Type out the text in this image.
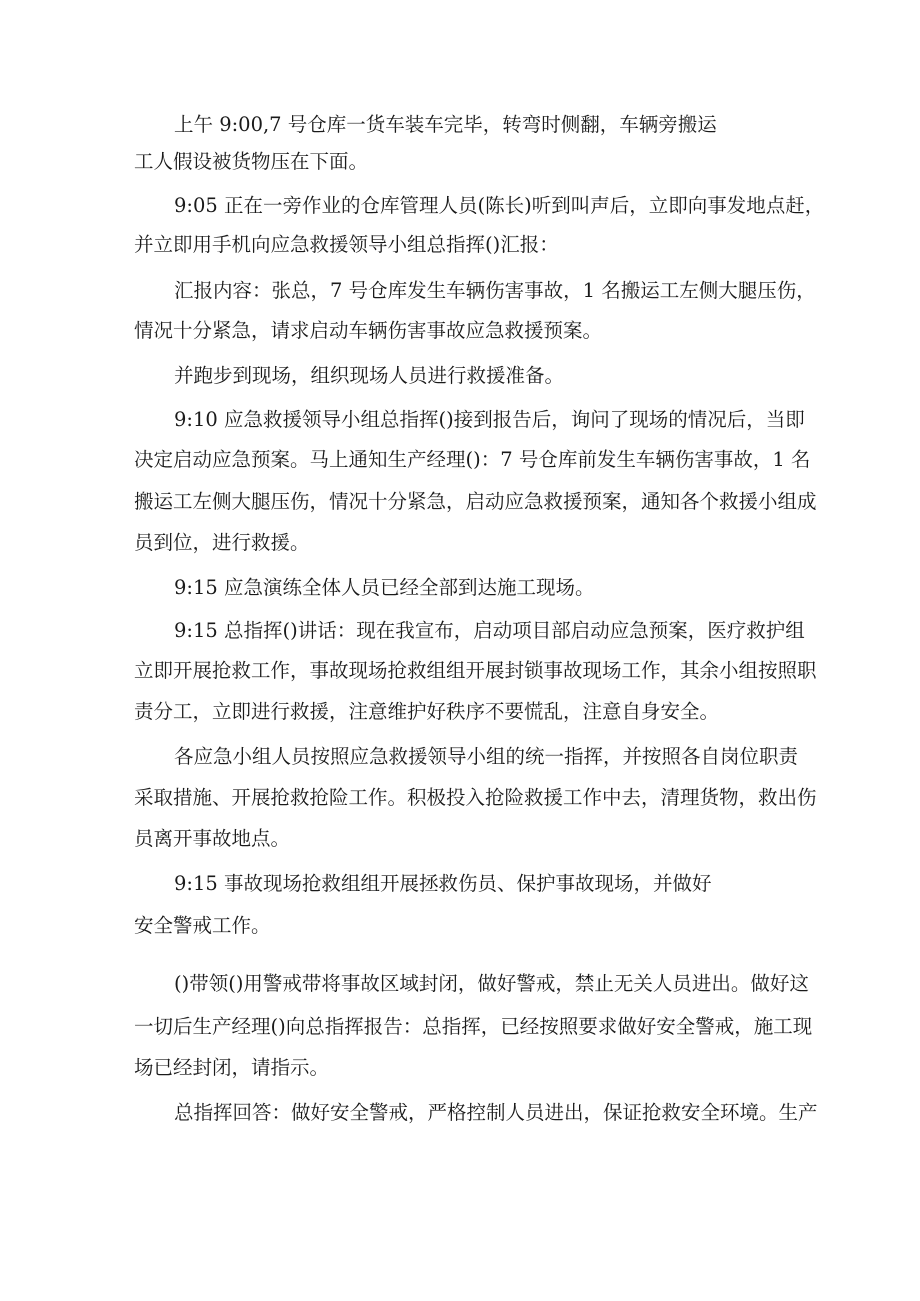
上午 9:00,7 号仓库一货车装车完毕，转弯时侧翻，车辆旁搬运
工人假设被货物压在下面。
9:05 正在一旁作业的仓库管理人员(陈长)听到叫声后，立即向事发地点赶，
并立即用手机向应急救援领导小组总指挥()汇报：
汇报内容：张总，7 号仓库发生车辆伤害事故，1 名搬运工左侧大腿压伤，
情况十分紧急，请求启动车辆伤害事故应急救援预案。
并跑步到现场，组织现场人员进行救援准备。
9:10 应急救援领导小组总指挥()接到报告后，询问了现场的情况后，当即
决定启动应急预案。马上通知生产经理()：7 号仓库前发生车辆伤害事故，1 名
搬运工左侧大腿压伤，情况十分紧急，启动应急救援预案，通知各个救援小组成
员到位，进行救援。
9:15 应急演练全体人员已经全部到达施工现场。
9:15 总指挥()讲话：现在我宣布，启动项目部启动应急预案，医疗救护组
立即开展抢救工作，事故现场抢救组组开展封锁事故现场工作，其余小组按照职
责分工，立即进行救援，注意维护好秩序不要慌乱，注意自身安全。
各应急小组人员按照应急救援领导小组的统一指挥，并按照各自岗位职责
采取措施、开展抢救抢险工作。积极投入抢险救援工作中去，清理货物，救出伤
员离开事故地点。
9:15 事故现场抢救组组开展拯救伤员、保护事故现场，并做好
安全警戒工作。
()带领()用警戒带将事故区域封闭，做好警戒，禁止无关人员进出。做好这
一切后生产经理()向总指挥报告：总指挥，已经按照要求做好安全警戒，施工现
场已经封闭，请指示。
总指挥回答：做好安全警戒，严格控制人员进出，保证抢救安全环境。生产
